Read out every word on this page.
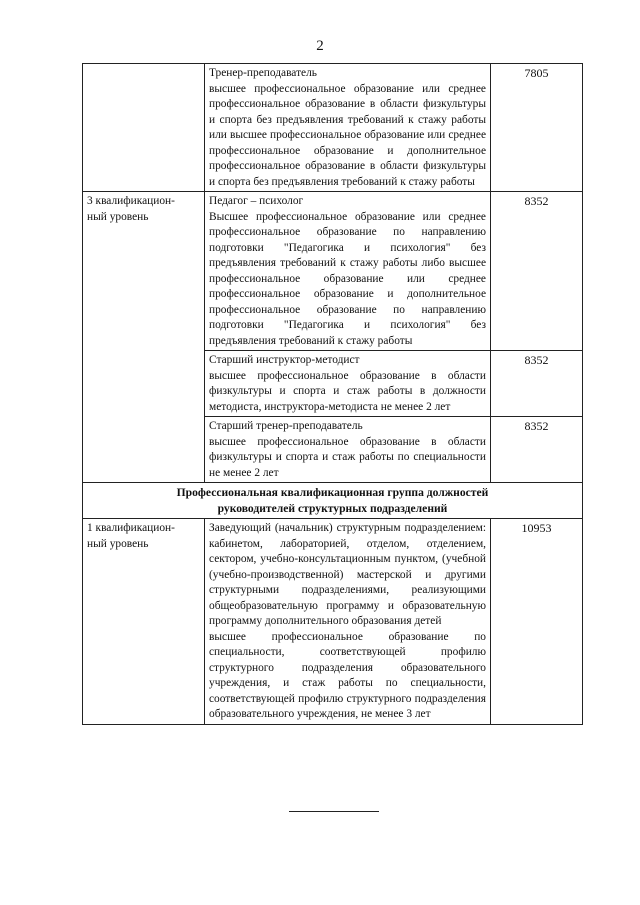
2

	Тренер-преподаватель
высшее профессиональное образование или среднее профессиональное образование в области физкультуры и спорта без предъявления требований к стажу работы или высшее профессиональное образование или среднее профессиональное образование и дополнительное профессиональное образование в области физкультуры и спорта без предъявления требований к стажу работы	7805

3 квалификацион-
ный уровень	Педагог – психолог
Высшее профессиональное образование или среднее профессиональное образование по направлению подготовки "Педагогика и психология" без предъявления требований к стажу работы либо высшее профессиональное образование или среднее профессиональное образование и дополнительное профессиональное образование по направлению подготовки "Педагогика и психология" без предъявления требований к стажу работы	8352

	Старший инструктор-методист
высшее профессиональное образование в области физкультуры и спорта и стаж работы в должности методиста, инструктора-методиста не менее 2 лет	8352

	Старший тренер-преподаватель
высшее профессиональное образование в области физкультуры и спорта и стаж работы по специальности не менее 2 лет	8352

Профессиональная квалификационная группа должностей
руководителей структурных подразделений		

1 квалификацион-
ный уровень	Заведующий (начальник) структурным подразделением: кабинетом, лабораторией, отделом, отделением, сектором, учебно-консультационным пунктом, (учебной (учебно-производственной) мастерской и другими структурными подразделениями, реализующими общеобразовательную программу и образовательную программу дополнительного образования детей
высшее профессиональное образование по специальности, соответствующей профилю структурного подразделения образовательного учреждения, и стаж работы по специальности, соответствующей профилю структурного подразделения образовательного учреждения, не менее 3 лет	10953
